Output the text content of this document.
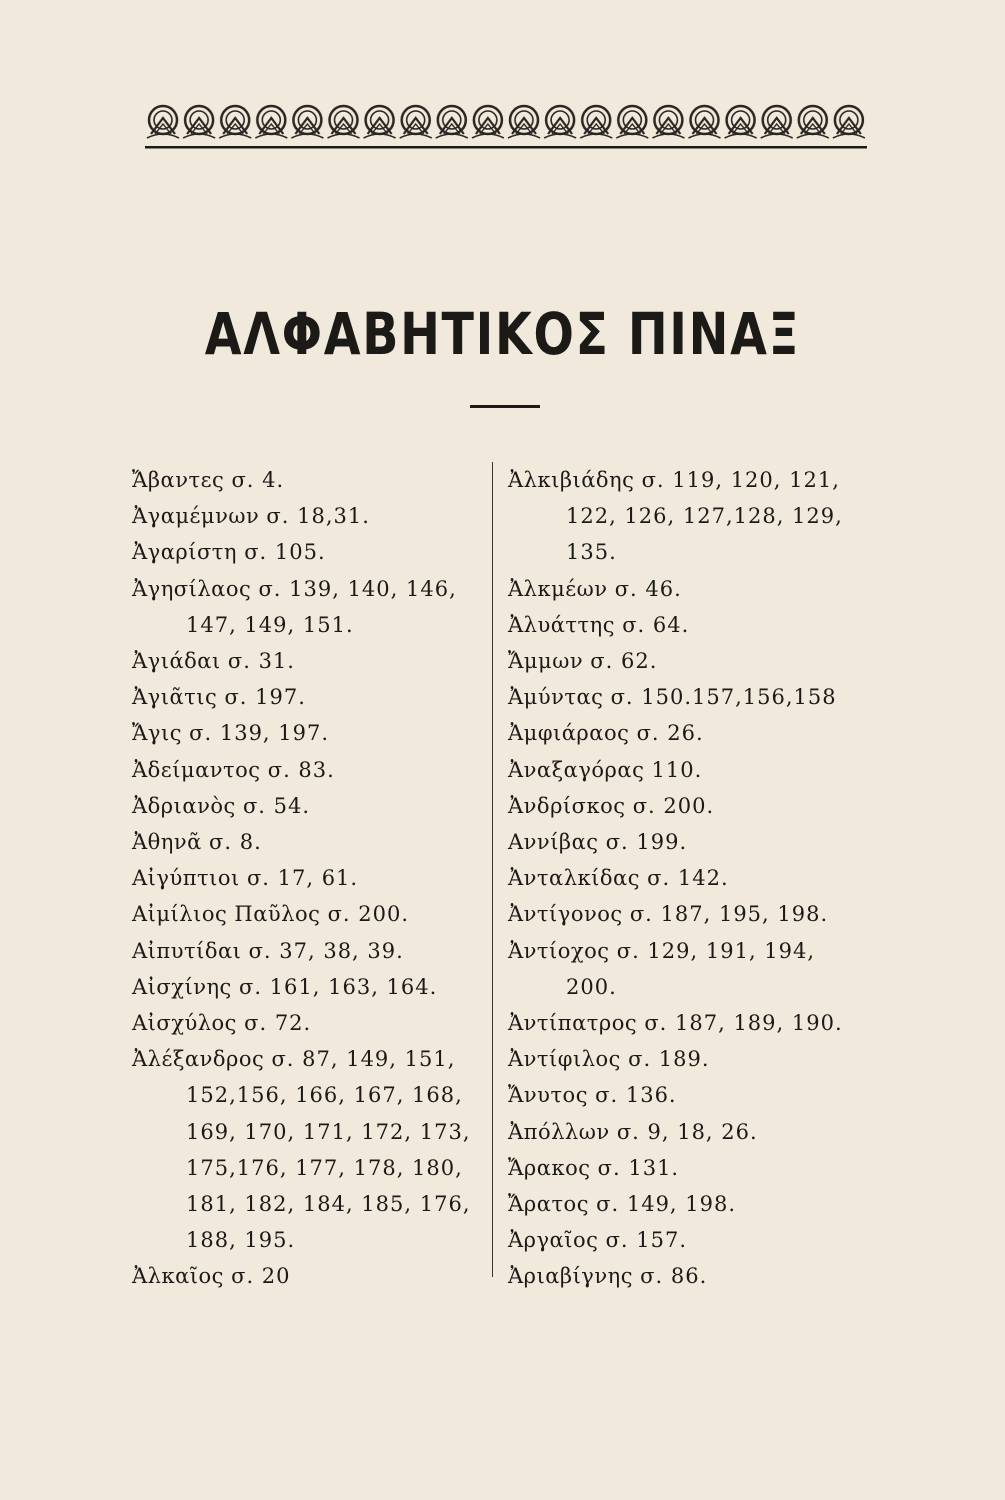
ΑΛΦΑΒΗΤΙΚΟΣ ΠΙΝΑΞ
Ἄβαντες σ. 4.
Ἀγαμέμνων σ. 18,31.
Ἀγαρίστη σ. 105.
Ἀγησίλαος σ. 139, 140, 146,
147, 149, 151.
Ἀγιάδαι σ. 31.
Ἀγιᾶτις σ. 197.
Ἄγις σ. 139, 197.
Ἀδείμαντος σ. 83.
Ἀδριανὸς σ. 54.
Ἀθηνᾶ σ. 8.
Αἰγύπτιοι σ. 17, 61.
Αἰμίλιος Παῦλος σ. 200.
Αἰπυτίδαι σ. 37, 38, 39.
Αἰσχίνης σ. 161, 163, 164.
Αἰσχύλος σ. 72.
Ἀλέξανδρος σ. 87, 149, 151,
152,156, 166, 167, 168,
169, 170, 171, 172, 173,
175,176, 177, 178, 180,
181, 182, 184, 185, 176,
188, 195.
Ἀλκαῖος σ. 20
Ἀλκιβιάδης σ. 119, 120, 121,
122, 126, 127,128, 129,
135.
Ἀλκμέων σ. 46.
Ἀλυάττης σ. 64.
Ἄμμων σ. 62.
Ἀμύντας σ. 150.157,156,158
Ἀμφιάραος σ. 26.
Ἀναξαγόρας 110.
Ἀνδρίσκος σ. 200.
Αννίβας σ. 199.
Ἀνταλκίδας σ. 142.
Ἀντίγονος σ. 187, 195, 198.
Ἀντίοχος σ. 129, 191, 194,
200.
Ἀντίπατρος σ. 187, 189, 190.
Ἀντίφιλος σ. 189.
Ἄνυτος σ. 136.
Ἀπόλλων σ. 9, 18, 26.
Ἄρακος σ. 131.
Ἄρατος σ. 149, 198.
Ἀργαῖος σ. 157.
Ἀριαβίγνης σ. 86.
